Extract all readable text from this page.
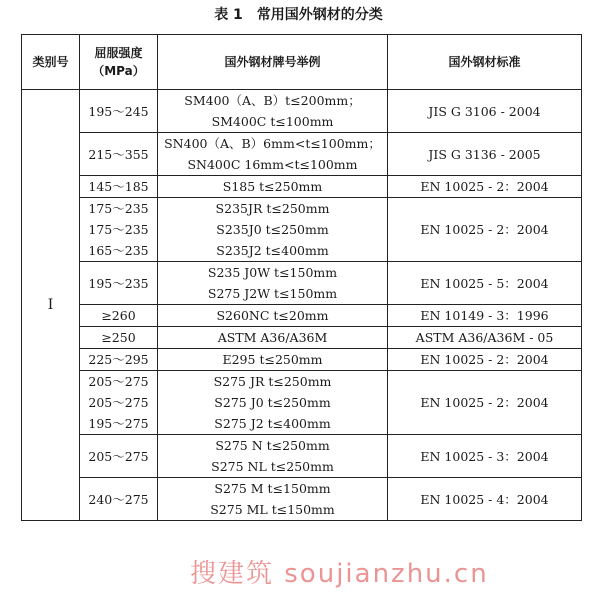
表 1 常用国外钢材的分类
类别号	屈服强度
（MPa）	国外钢材牌号举例	国外钢材标准
I	195～245	SM400（A、B）t≤200mm；
SM400C t≤100mm	JIS G 3106 - 2004

	215～355	SN400（A、B）6mm<t≤100mm；
SN400C 16mm<t≤100mm	JIS G 3136 - 2005

	145～185	S185 t≤250mm	EN 10025 - 2：2004

	175～235
175～235
165～235	S235JR t≤250mm
S235J0 t≤250mm
S235J2 t≤400mm	EN 10025 - 2：2004

	195～235	S235 J0W t≤150mm
S275 J2W t≤150mm	EN 10025 - 5：2004

	≥260	S260NC t≤20mm	EN 10149 - 3：1996

	≥250	ASTM A36/A36M	ASTM A36/A36M - 05

	225～295	E295 t≤250mm	EN 10025 - 2：2004

	205～275
205～275
195～275	S275 JR t≤250mm
S275 J0 t≤250mm
S275 J2 t≤400mm	EN 10025 - 2：2004

	205～275	S275 N t≤250mm
S275 NL t≤250mm	EN 10025 - 3：2004

	240～275	S275 M t≤150mm
S275 ML t≤150mm	EN 10025 - 4：2004
搜建筑 soujianzhu.cn
